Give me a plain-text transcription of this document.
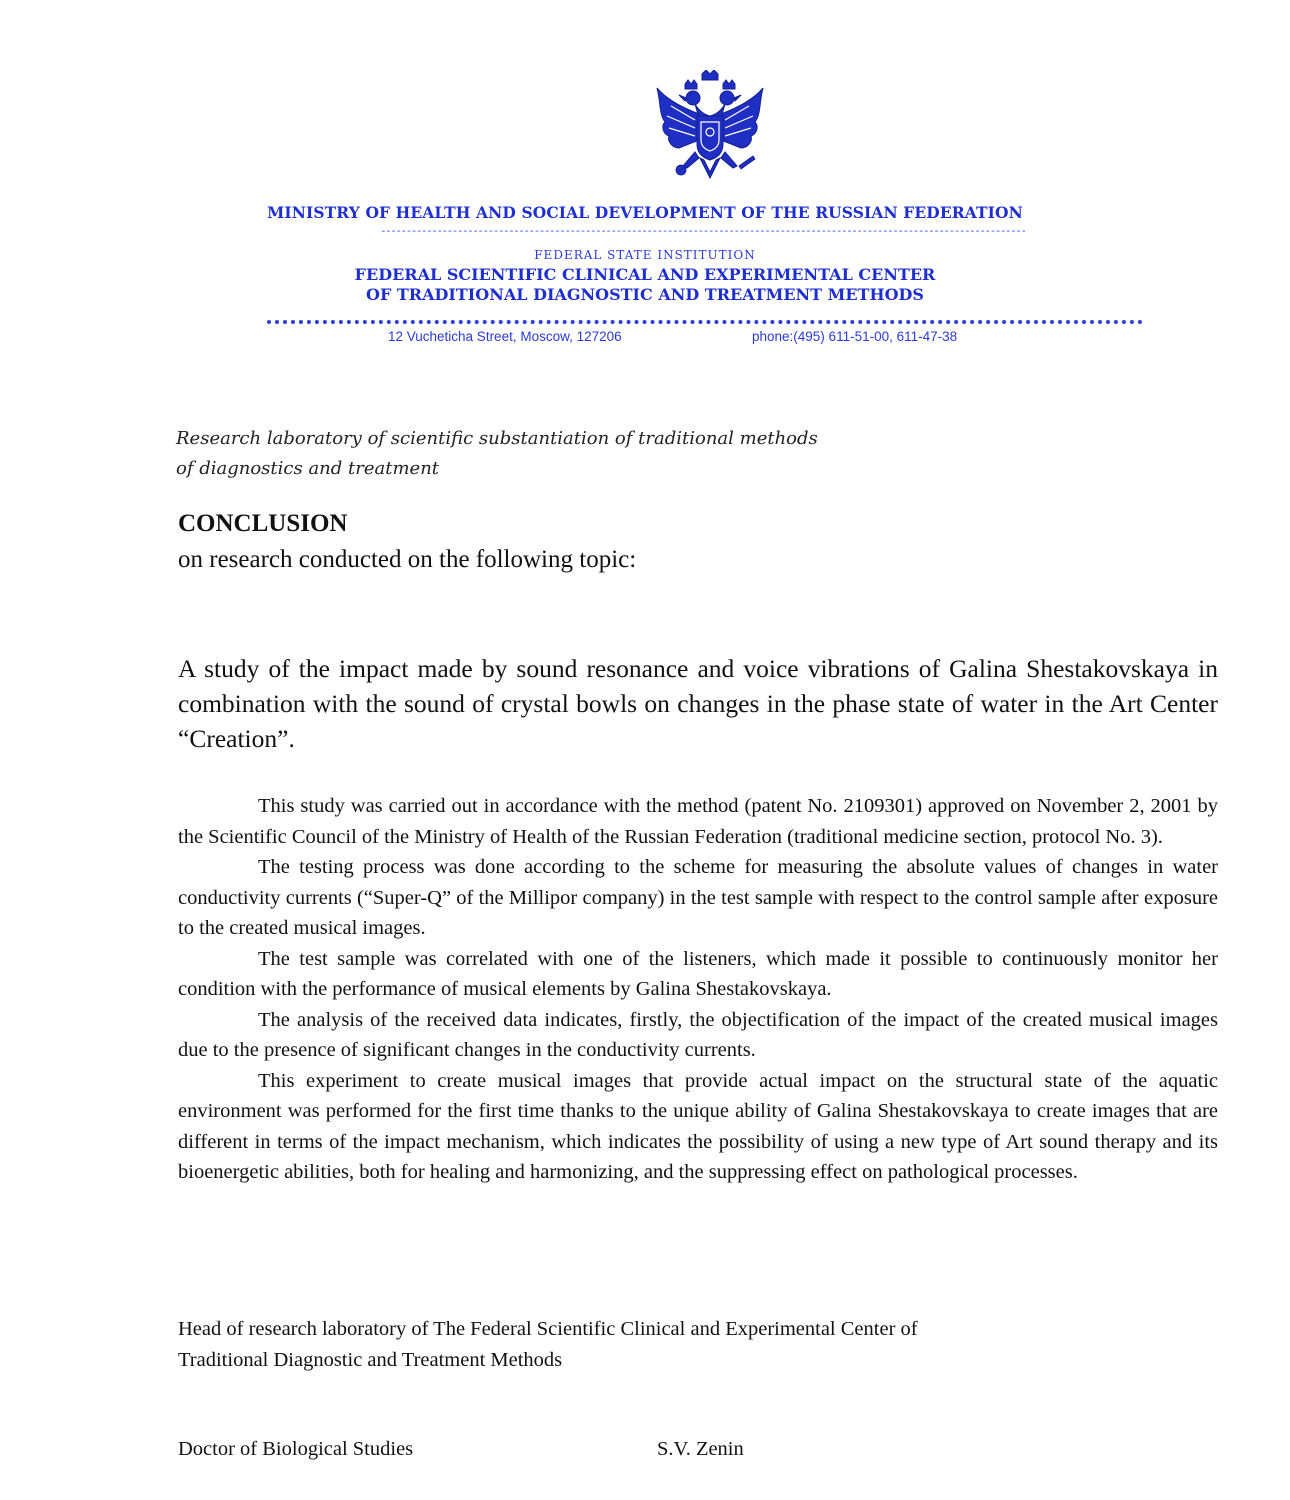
MINISTRY OF HEALTH AND SOCIAL DEVELOPMENT OF THE RUSSIAN FEDERATION
------------------------------------------------------------------------------------------------------------------------------
FEDERAL STATE INSTITUTION
FEDERAL SCIENTIFIC CLINICAL AND EXPERIMENTAL CENTER
OF TRADITIONAL DIAGNOSTIC AND TREATMENT METHODS
12 Vucheticha Street, Moscow, 127206	phone:(495) 611-51-00, 611-47-38
Research laboratory of scientific substantiation of traditional methods
of diagnostics and treatment
CONCLUSION
on research conducted on the following topic:
A study of the impact made by sound resonance and voice vibrations of Galina Shestakovskaya in combination with the sound of crystal bowls on changes in the phase state of water in the Art Center “Creation”.

This study was carried out in accordance with the method (patent No. 2109301) approved on November 2, 2001 by the Scientific Council of the Ministry of Health of the Russian Federation (traditional medicine section, protocol No. 3).

The testing process was done according to the scheme for measuring the absolute values of changes in water conductivity currents (“Super-Q” of the Millipor company) in the test sample with respect to the control sample after exposure to the created musical images.

The test sample was correlated with one of the listeners, which made it possible to continuously monitor her condition with the performance of musical elements by Galina Shestakovskaya.

The analysis of the received data indicates, firstly, the objectification of the impact of the created musical images due to the presence of significant changes in the conductivity currents.

This experiment to create musical images that provide actual impact on the structural state of the aquatic environment was performed for the first time thanks to the unique ability of Galina Shestakovskaya to create images that are different in terms of the impact mechanism, which indicates the possibility of using a new type of Art sound therapy and its bioenergetic abilities, both for healing and harmonizing, and the suppressing effect on pathological processes.

Head of research laboratory of The Federal Scientific Clinical and Experimental Center of
Traditional Diagnostic and Treatment Methods
Doctor of Biological Studies	S.V. Zenin
